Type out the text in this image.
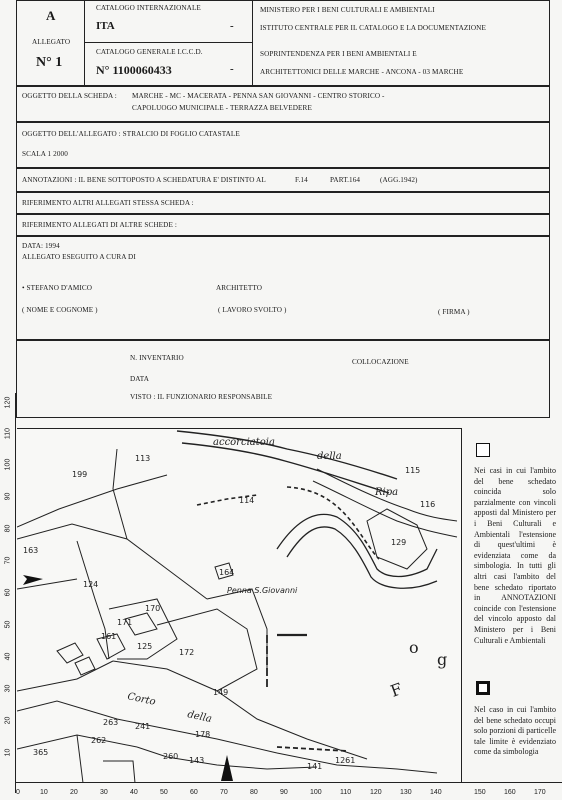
A
ALLEGATO
N° 1
CATALOGO INTERNAZIONALE
ITA	-
CATALOGO GENERALE I.C.C.D.
N° 1100060433	-
MINISTERO PER I BENI CULTURALI E AMBIENTALI
ISTITUTO CENTRALE PER IL CATALOGO E LA DOCUMENTAZIONE
SOPRINTENDENZA PER I BENI AMBIENTALI E
ARCHITETTONICI DELLE MARCHE - ANCONA - 03 MARCHE
OGGETTO DELLA SCHEDA : MARCHE - MC - MACERATA - PENNA SAN GIOVANNI - CENTRO STORICO -
CAPOLUOGO MUNICIPALE - TERRAZZA BELVEDERE
OGGETTO DELL'ALLEGATO : STRALCIO DI FOGLIO CATASTALE
SCALA 1 2000
ANNOTAZIONI : IL BENE SOTTOPOSTO A SCHEDATURA E' DISTINTO AL	F.14	PART.164	(AGG.1942)
RIFERIMENTO ALTRI ALLEGATI STESSA SCHEDA :
RIFERIMENTO ALLEGATI DI ALTRE SCHEDE :
DATA: 1994
ALLEGATO ESEGUITO A CURA DI
• STEFANO D'AMICO	ARCHITETTO
( NOME E COGNOME )	( LAVORO SVOLTO )	( FIRMA )
N. INVENTARIO	COLLOCAZIONE
DATA
VISTO : IL FUNZIONARIO RESPONSABILE
120
110
100
90
80
70
60
50
40
30
20
10
0	10	20	30	40	50	60	70	80	90	100	110	120	130	140	150	160	170
199
113
115
116
114
129
163
124
164
170
171
161
125
172
149
263 241
262
178
365	260 143
141
1261
accorciatoia
della
Ripa
Corto
della
Penna S.Giovanni
F
o
g
Nei casi in cui l'ambito del bene schedato coincida solo parzialmente con vincoli apposti dal Ministero per i Beni Culturali e Ambientali l'estensione di quest'ultimi è evidenziata come da simbologia. In tutti gli altri casi l'ambito del bene schedato riportato in ANNOTAZIONI coincide con l'estensione del vincolo apposto dal Ministero per i Beni Culturali e Ambientali
Nel caso in cui l'ambito del bene schedato occupi solo porzioni di particelle tale limite è evidenziato come da simbologia
